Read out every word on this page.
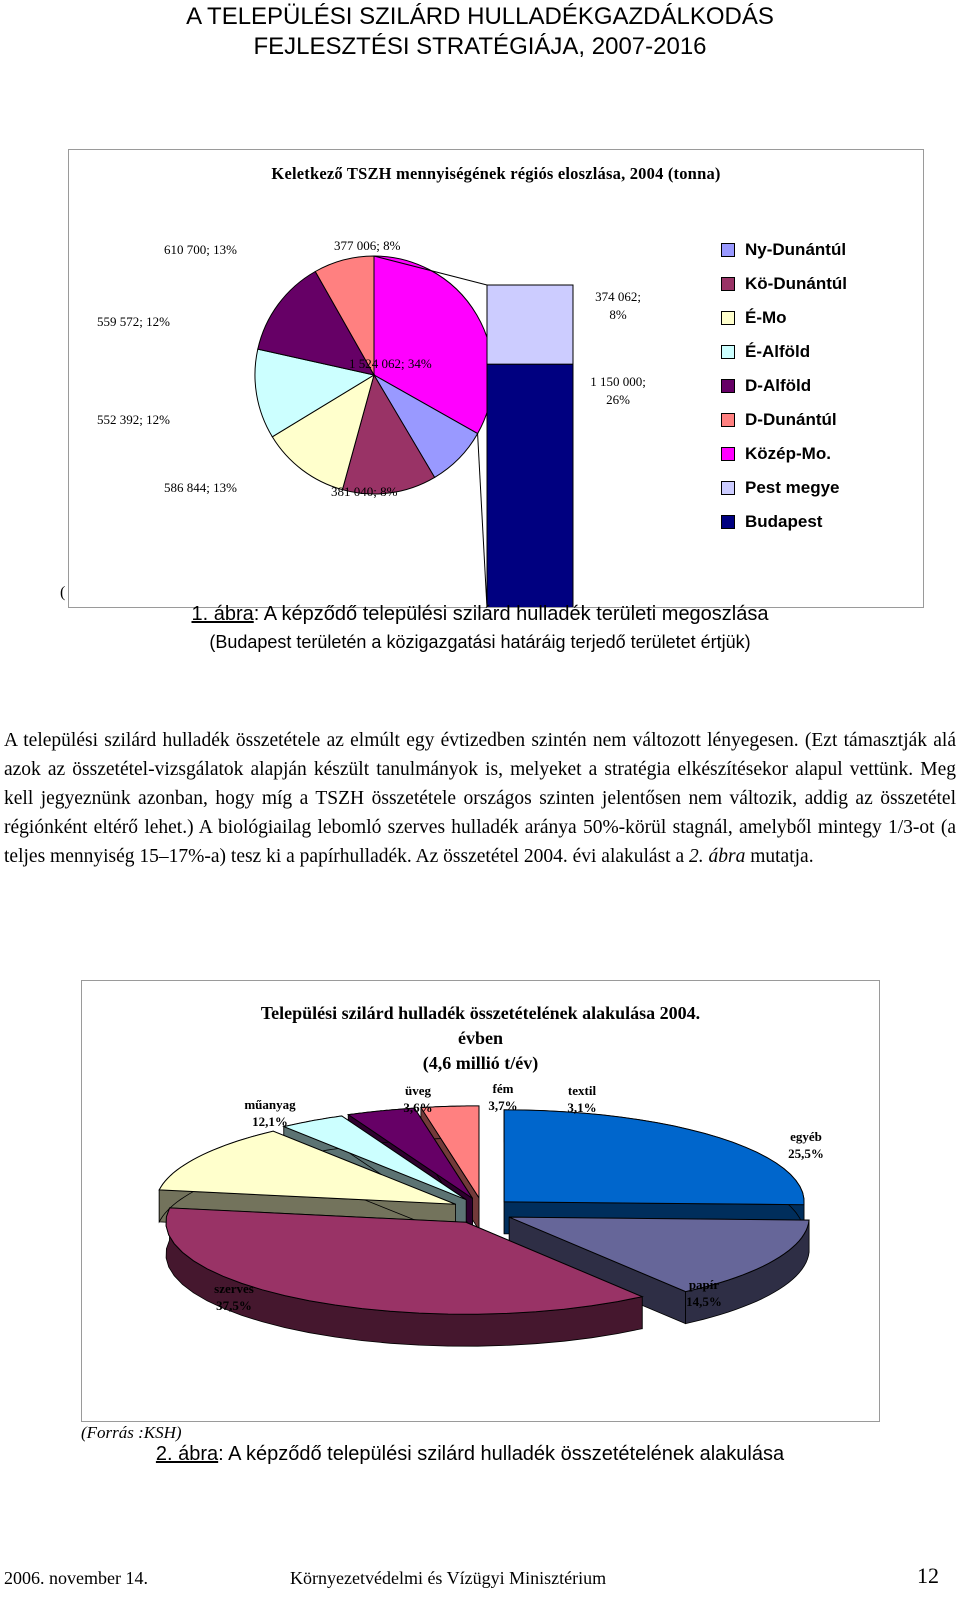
A TELEPÜLÉSI SZILÁRD HULLADÉKGAZDÁLKODÁS
FEJLESZTÉSI STRATÉGIÁJA, 2007-2016
Keletkező TSZH mennyiségének régiós eloszlása, 2004 (tonna)
610 700; 13%	377 006; 8%
559 572; 12%
1 524 062; 34%
552 392; 12%
586 844; 13%	381 040; 8%
374 062;
8%
1 150 000;
26%
Ny-Dunántúl
Kö-Dunántúl
É-Mo
É-Alföld
D-Alföld
D-Dunántúl
Közép-Mo.
Pest megye
Budapest
(
1. ábra: A képződő települési szilárd hulladék területi megoszlása
(Budapest területén a közigazgatási határáig terjedő területet értjük)
A települési szilárd hulladék összetétele az elmúlt egy évtizedben szintén nem változott lényegesen. (Ezt támasztják alá azok az összetétel-vizsgálatok alapján készült tanulmányok is, melyeket a stratégia elkészítésekor alapul vettünk. Meg kell jegyeznünk azonban, hogy míg a TSZH összetétele országos szinten jelentősen nem változik, addig az összetétel régiónként eltérő lehet.) A biológiailag lebomló szerves hulladék aránya 50%-körül stagnál, amelyből mintegy 1/3-ot (a teljes mennyiség 15–17%-a) tesz ki a papírhulladék. Az összetétel 2004. évi alakulást a 2. ábra mutatja.
Települési szilárd hulladék összetételének alakulása 2004.
évben
(4,6 millió t/év)
egyéb
25,5%
papír
14,5%
szerves
37,5%
műanyag
12,1%
üveg
3,6%
fém
3,7%
textil
3,1%
(Forrás :KSH)
2. ábra: A képződő települési szilárd hulladék összetételének alakulása
2006. november 14.	Környezetvédelmi és Vízügyi Minisztérium	12
